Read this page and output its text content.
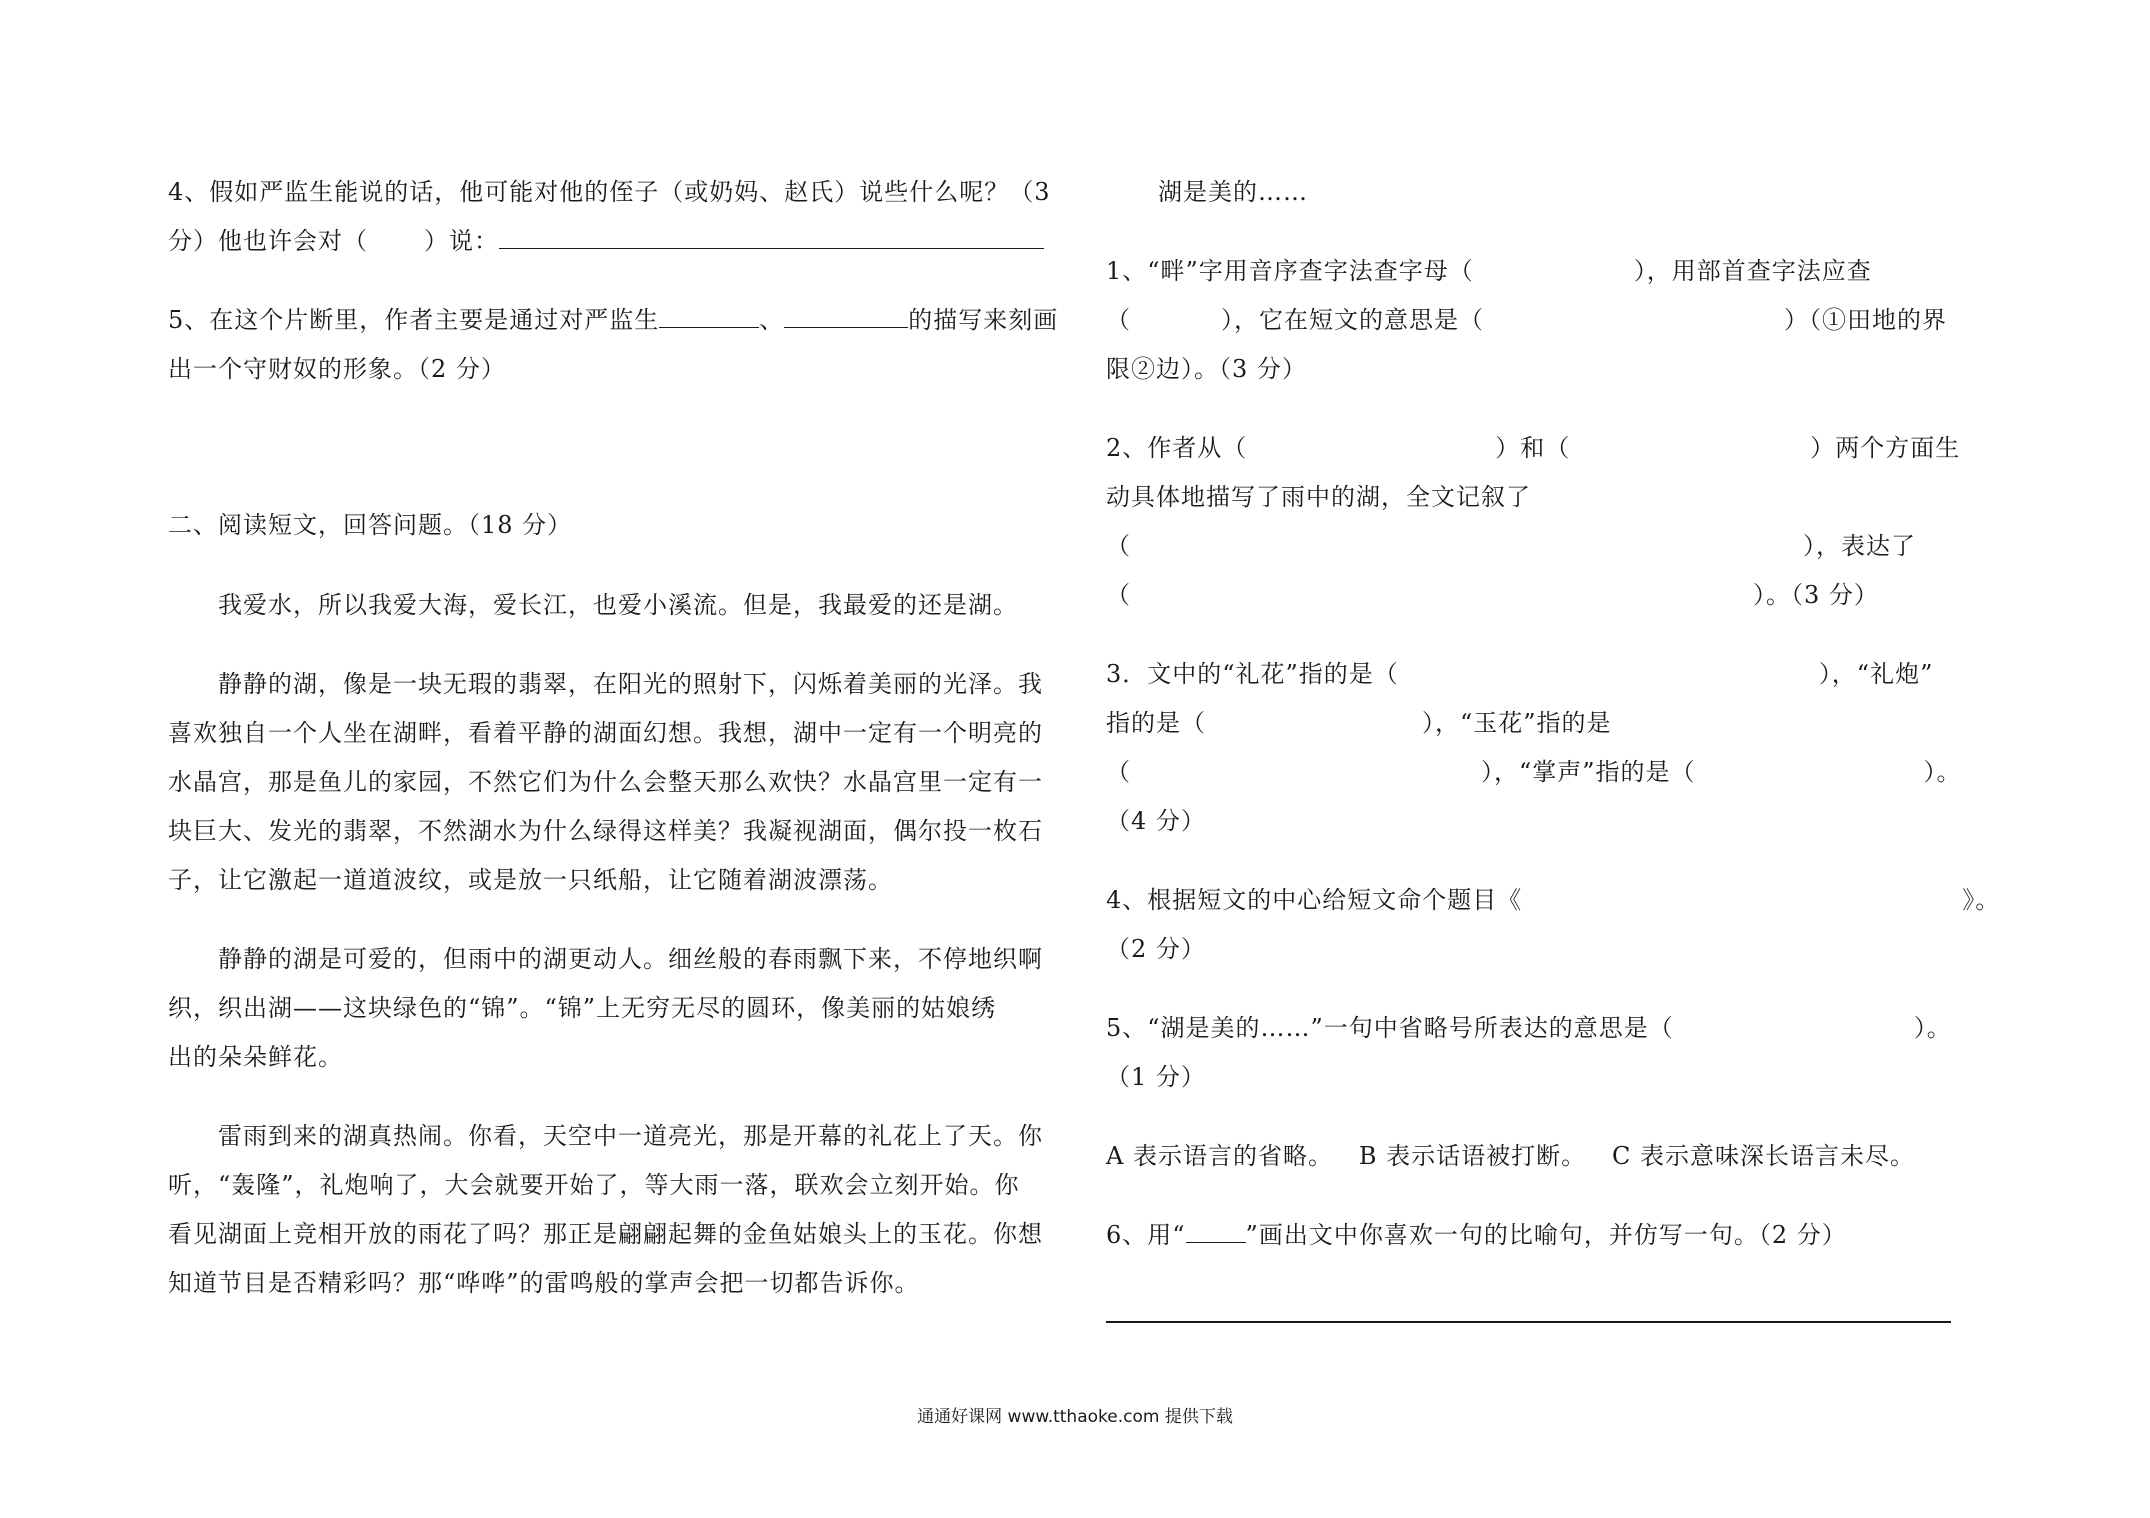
4、假如严监生能说的话，他可能对他的侄子（或奶妈、赵氏）说些什么呢？（3
分）他也许会对（ ）说：
5、在这个片断里，作者主要是通过对严监生	、	的描写来刻画
出一个守财奴的形象。（2 分）
二、阅读短文，回答问题。（18 分）
我爱水，所以我爱大海，爱长江，也爱小溪流。但是，我最爱的还是湖。
静静的湖，像是一块无瑕的翡翠，在阳光的照射下，闪烁着美丽的光泽。我
喜欢独自一个人坐在湖畔，看着平静的湖面幻想。我想，湖中一定有一个明亮的
水晶宫，那是鱼儿的家园，不然它们为什么会整天那么欢快？水晶宫里一定有一
块巨大、发光的翡翠，不然湖水为什么绿得这样美？我凝视湖面，偶尔投一枚石
子，让它激起一道道波纹，或是放一只纸船，让它随着湖波漂荡。
静静的湖是可爱的，但雨中的湖更动人。细丝般的春雨飘下来，不停地织啊
织，织出湖——这块绿色的“锦”。“锦”上无穷无尽的圆环，像美丽的姑娘绣
出的朵朵鲜花。
雷雨到来的湖真热闹。你看，天空中一道亮光，那是开幕的礼花上了天。你
听，“轰隆”，礼炮响了，大会就要开始了，等大雨一落，联欢会立刻开始。你
看见湖面上竞相开放的雨花了吗？那正是翩翩起舞的金鱼姑娘头上的玉花。你想
知道节目是否精彩吗？那“哗哗”的雷鸣般的掌声会把一切都告诉你。
湖是美的……
1、“畔”字用音序查字法查字母（	），用部首查字法应查
（	），它在短文的意思是（	）（①田地的界
限②边）。（3 分）
2、作者从（	）和（	）两个方面生
动具体地描写了雨中的湖，全文记叙了
（	），表达了
（	）。（3 分）
3．文中的“礼花”指的是（	），“礼炮”
指的是（	），“玉花”指的是
（	），“掌声”指的是（	）。
（4 分）
4、根据短文的中心给短文命个题目《	》。
（2 分）
5、“湖是美的……”一句中省略号所表达的意思是（	）。
（1 分）
A 表示语言的省略。   B 表示话语被打断。   C 表示意味深长语言未尽。
6、用“	”画出文中你喜欢一句的比喻句，并仿写一句。（2 分）
通通好课网 www.tthaoke.com 提供下载
